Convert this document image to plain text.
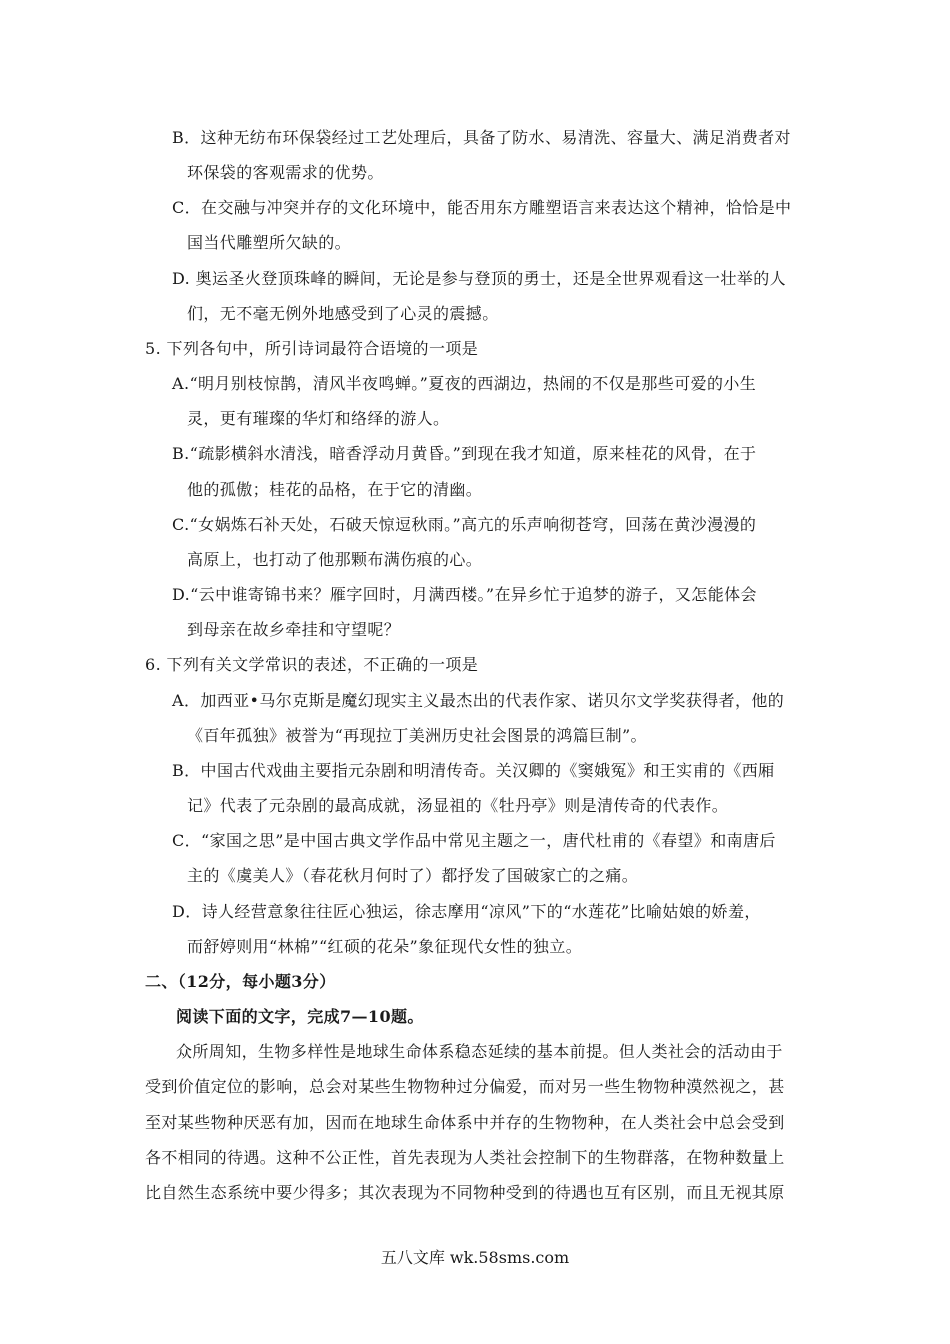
B．这种无纺布环保袋经过工艺处理后，具备了防水、易清洗、容量大、满足消费者对
环保袋的客观需求的优势。
C．在交融与冲突并存的文化环境中，能否用东方雕塑语言来表达这个精神，恰恰是中
国当代雕塑所欠缺的。
D. 奥运圣火登顶珠峰的瞬间，无论是参与登顶的勇士，还是全世界观看这一壮举的人
们，无不毫无例外地感受到了心灵的震撼。
5. 下列各句中，所引诗词最符合语境的一项是
A.“明月别枝惊鹊，清风半夜鸣蝉。”夏夜的西湖边，热闹的不仅是那些可爱的小生
灵，更有璀璨的华灯和络绎的游人。
B.“疏影横斜水清浅，暗香浮动月黄昏。”到现在我才知道，原来桂花的风骨，在于
他的孤傲；桂花的品格，在于它的清幽。
C.“女娲炼石补天处，石破天惊逗秋雨。”高亢的乐声响彻苍穹，回荡在黄沙漫漫的
高原上，也打动了他那颗布满伤痕的心。
D.“云中谁寄锦书来？雁字回时，月满西楼。”在异乡忙于追梦的游子，又怎能体会
到母亲在故乡牵挂和守望呢？
6. 下列有关文学常识的表述，不正确的一项是
A．加西亚•马尔克斯是魔幻现实主义最杰出的代表作家、诺贝尔文学奖获得者，他的
《百年孤独》被誉为“再现拉丁美洲历史社会图景的鸿篇巨制”。
B．中国古代戏曲主要指元杂剧和明清传奇。关汉卿的《窦娥冤》和王实甫的《西厢
记》代表了元杂剧的最高成就，汤显祖的《牡丹亭》则是清传奇的代表作。
C．“家国之思”是中国古典文学作品中常见主题之一，唐代杜甫的《春望》和南唐后
主的《虞美人》（春花秋月何时了）都抒发了国破家亡的之痛。
D．诗人经营意象往往匠心独运，徐志摩用“凉风”下的“水莲花”比喻姑娘的娇羞，
而舒婷则用“林棉”“红硕的花朵”象征现代女性的独立。
二、（12分，每小题3分）
阅读下面的文字，完成7—10题。
众所周知，生物多样性是地球生命体系稳态延续的基本前提。但人类社会的活动由于
受到价值定位的影响，总会对某些生物物种过分偏爱，而对另一些生物物种漠然视之，甚
至对某些物种厌恶有加，因而在地球生命体系中并存的生物物种，在人类社会中总会受到
各不相同的待遇。这种不公正性，首先表现为人类社会控制下的生物群落，在物种数量上
比自然生态系统中要少得多；其次表现为不同物种受到的待遇也互有区别，而且无视其原
五八文库 wk.58sms.com
